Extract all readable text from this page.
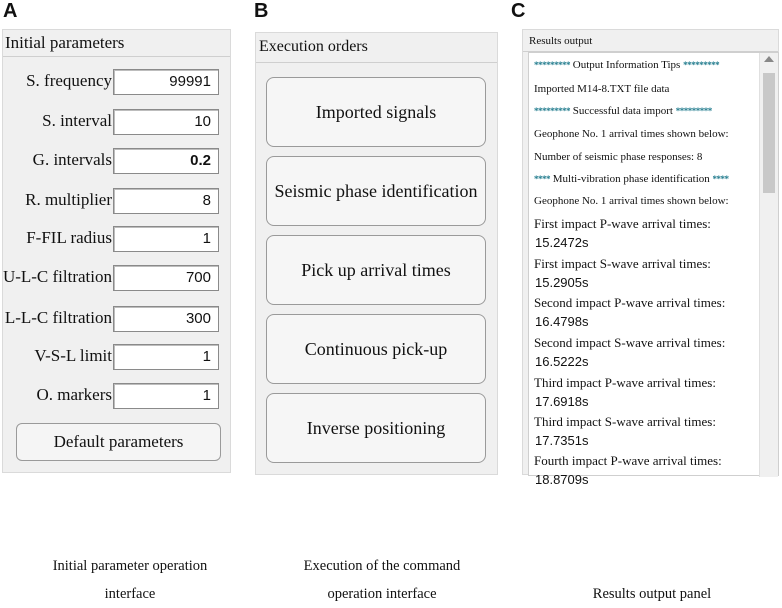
A	B	C
Initial parameters
S. frequency	99991
S. interval	10
G. intervals	0.2
R. multiplier	8
F-FIL radius	1
U-L-C filtration	700
L-L-C filtration	300
V-S-L limit	1
O. markers	1
Default parameters
Execution orders
Imported signals
Seismic phase identification
Pick up arrival times
Continuous pick-up
Inverse positioning
Results output
********* Output Information Tips *********
Imported M14-8.TXT file data
********* Successful data import *********
Geophone No. 1 arrival times shown below:
Number of seismic phase responses: 8
**** Multi-vibration phase identification ****
Geophone No. 1 arrival times shown below:
First impact P-wave arrival times:
15.2472s
First impact S-wave arrival times:
15.2905s
Second impact P-wave arrival times:
16.4798s
Second impact S-wave arrival times:
16.5222s
Third impact P-wave arrival times:
17.6918s
Third impact S-wave arrival times:
17.7351s
Fourth impact P-wave arrival times:
18.8709s
Initial parameter operation
interface
Execution of the command
operation interface	Results output panel
